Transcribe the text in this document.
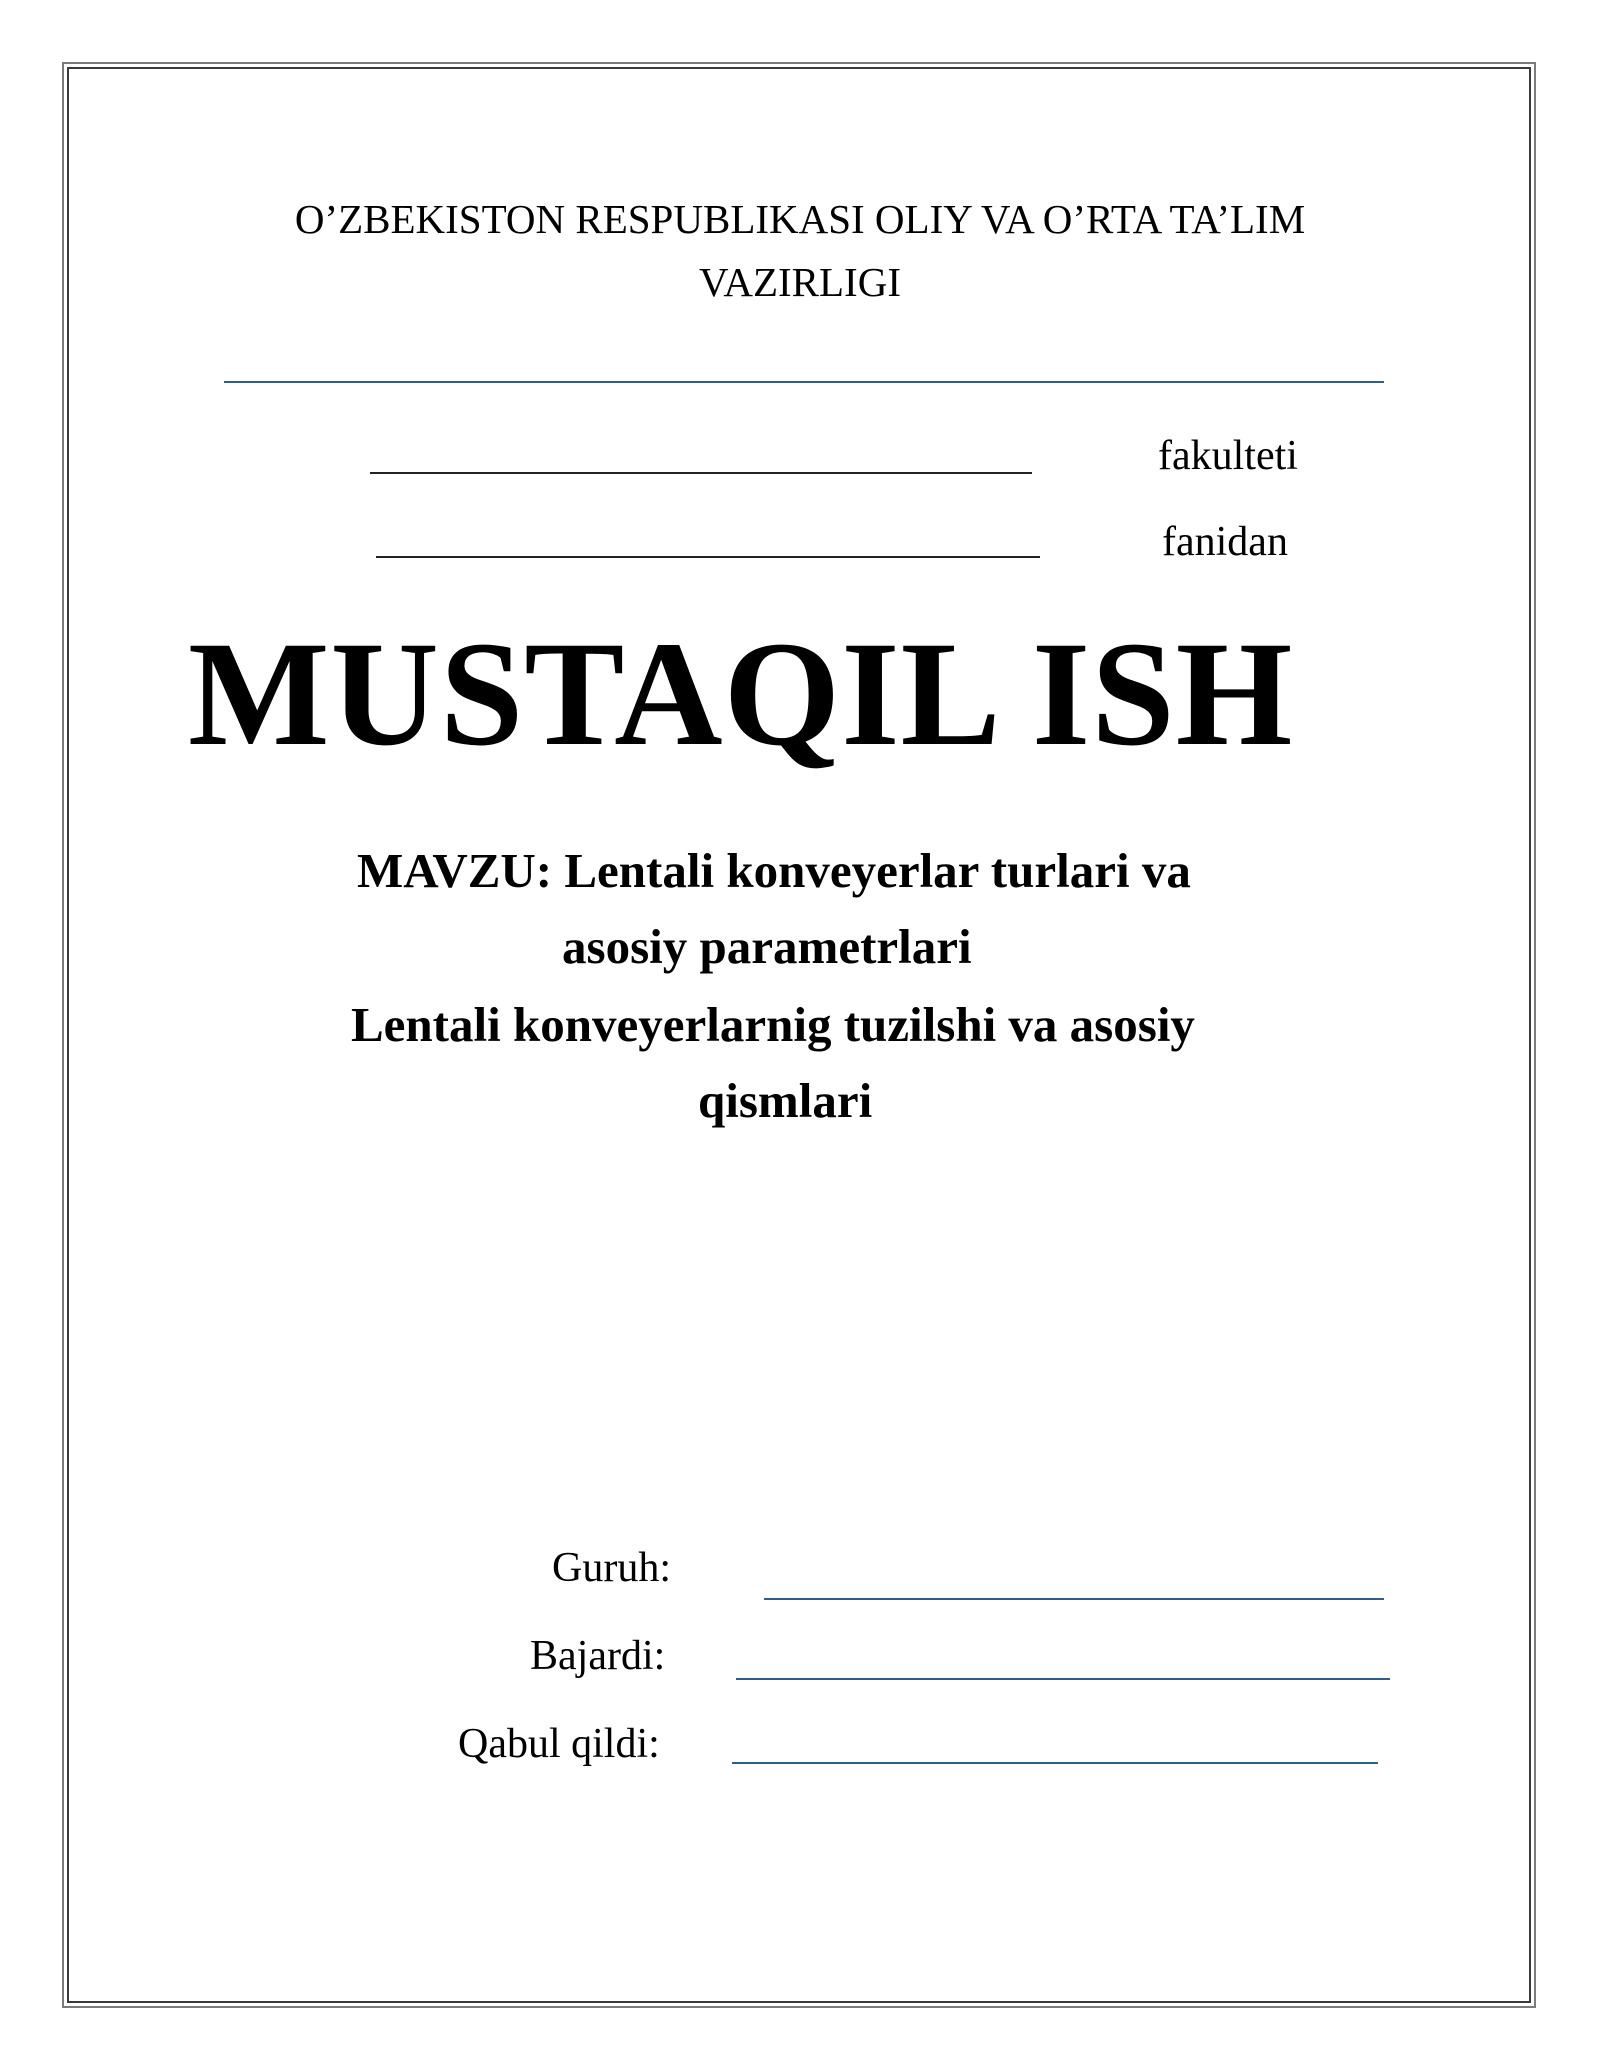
O’ZBEKISTON RESPUBLIKASI OLIY VA O’RTA TA’LIM
VAZIRLIGI
fakulteti
fanidan
MUSTAQIL ISH
MAVZU: Lentali konveyerlar turlari va
asosiy parametrlari
Lentali konveyerlarnig tuzilshi va asosiy
qismlari
Guruh:
Bajardi:
Qabul qildi:
